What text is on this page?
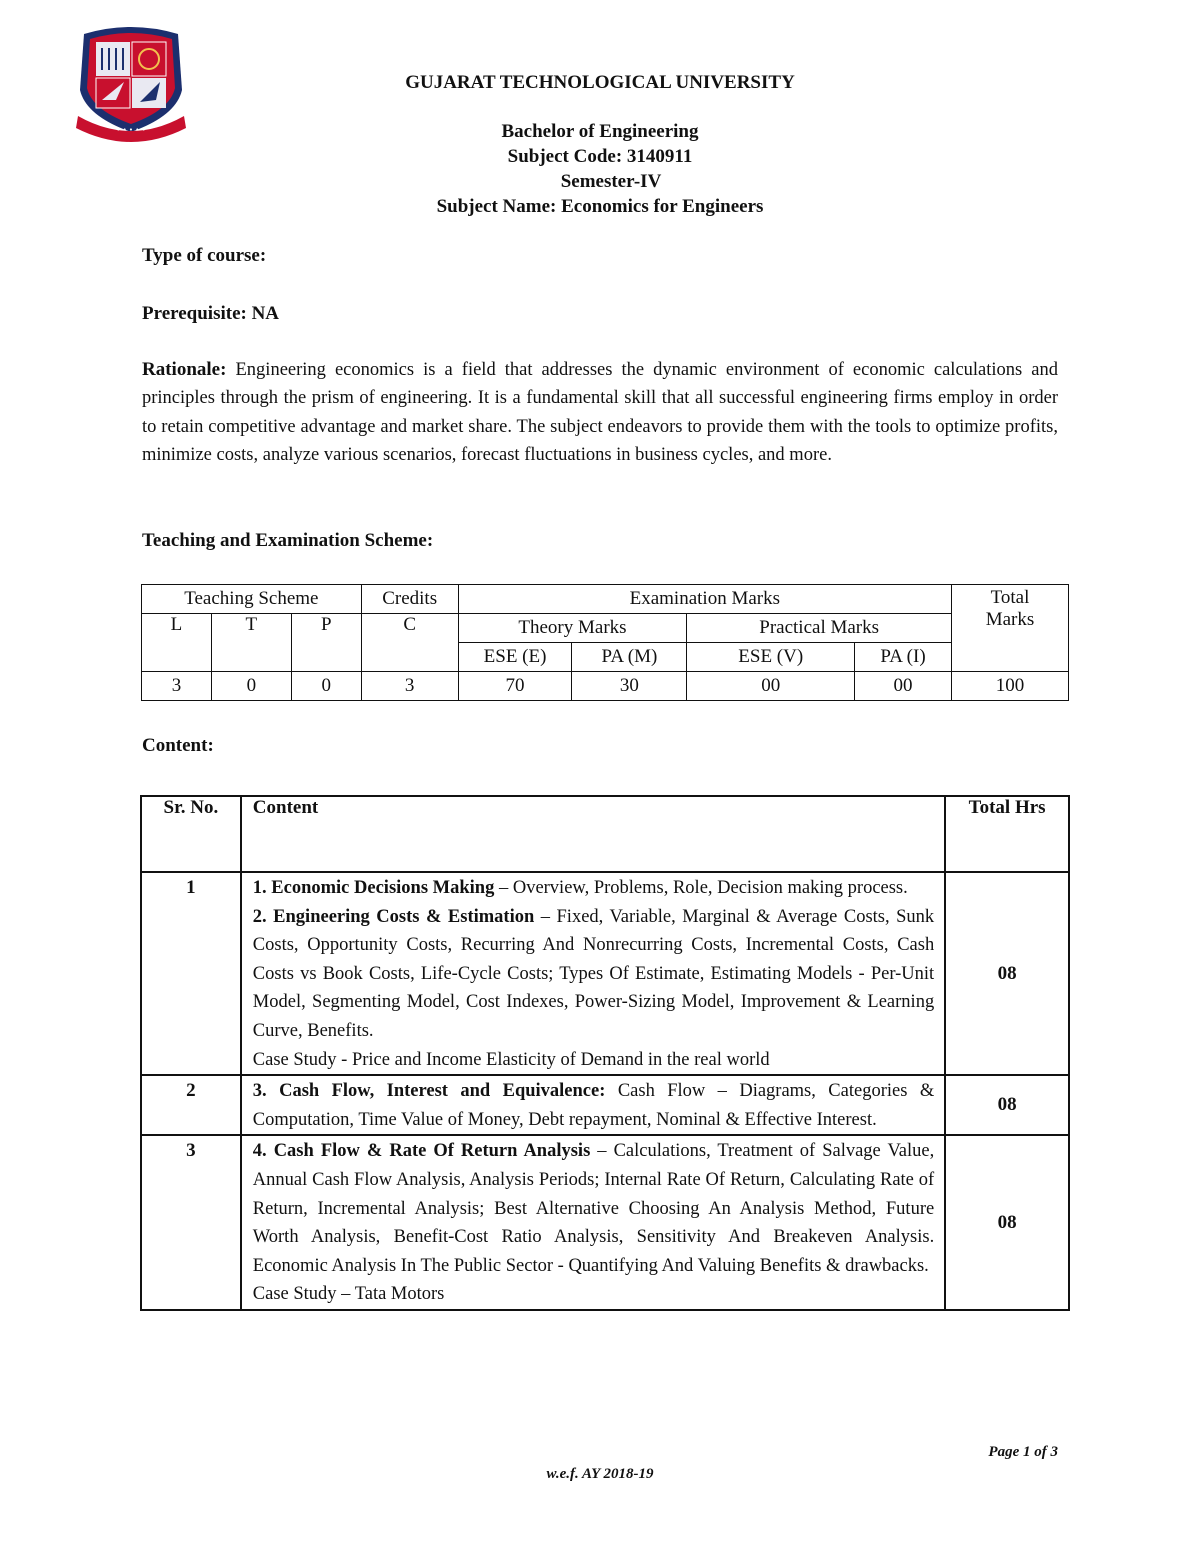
• • • • •
GUJARAT TECHNOLOGICAL UNIVERSITY
Bachelor of Engineering
Subject Code: 3140911
Semester-IV
Subject Name: Economics for Engineers
Type of course:
Prerequisite: NA
Rationale: Engineering economics is a field that addresses the dynamic environment of economic calculations and principles through the prism of engineering. It is a fundamental skill that all successful engineering firms employ in order to retain competitive advantage and market share. The subject endeavors to provide them with the tools to optimize profits, minimize costs, analyze various scenarios, forecast fluctuations in business cycles, and more.
Teaching and Examination Scheme:
Teaching Scheme			Credits	Examination Marks				Total Marks
L	T	P	C	Theory Marks		Practical Marks		
				ESE (E)	PA (M)	ESE (V)	PA (I)	
3	0	0	3	70	30	00	00	100
Content:
Sr. No.	Content	Total Hrs
1	1. Economic Decisions Making – Overview, Problems, Role, Decision making process.

2. Engineering Costs & Estimation – Fixed, Variable, Marginal & Average Costs, Sunk Costs, Opportunity Costs, Recurring And Nonrecurring Costs, Incremental Costs, Cash Costs vs Book Costs, Life-Cycle Costs; Types Of Estimate, Estimating Models - Per-Unit Model, Segmenting Model, Cost Indexes, Power-Sizing Model, Improvement & Learning Curve, Benefits.

Case Study - Price and Income Elasticity of Demand in the real world	08
2	3. Cash Flow, Interest and Equivalence: Cash Flow – Diagrams, Categories & Computation, Time Value of Money, Debt repayment, Nominal & Effective Interest.	08
3	4. Cash Flow & Rate Of Return Analysis – Calculations, Treatment of Salvage Value, Annual Cash Flow Analysis, Analysis Periods; Internal Rate Of Return, Calculating Rate of Return, Incremental Analysis; Best Alternative Choosing An Analysis Method, Future Worth Analysis, Benefit-Cost Ratio Analysis, Sensitivity And Breakeven Analysis. Economic Analysis In The Public Sector - Quantifying And Valuing Benefits & drawbacks.

Case Study – Tata Motors	08
Page 1 of 3
w.e.f. AY 2018-19
